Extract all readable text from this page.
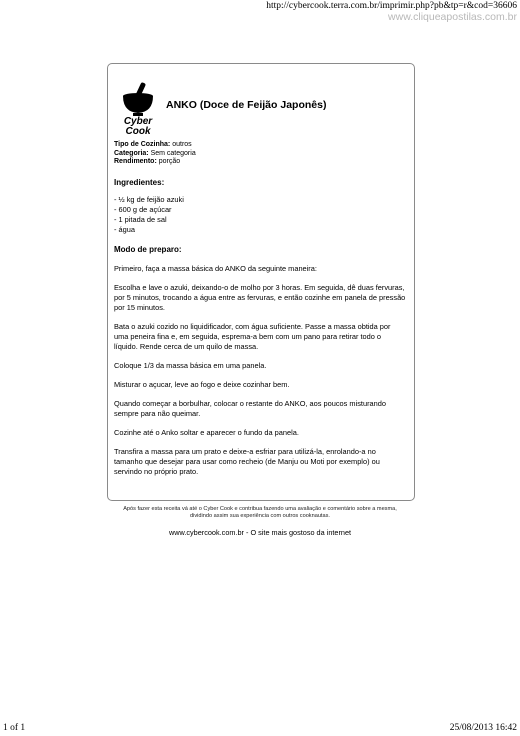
http://cybercook.terra.com.br/imprimir.php?pb&tp=r&cod=36606
www.cliqueapostilas.com.br
Cyber
Cook
ANKO (Doce de Feijão Japonês)
Tipo de Cozinha: outros
Categoria: Sem categoria
Rendimento: porção
Ingredientes:
- ½ kg de feijão azuki
- 600 g de açúcar
- 1 pitada de sal
- água
Modo de preparo:

Primeiro, faça a massa básica do ANKO da seguinte maneira:

Escolha e lave o azuki, deixando-o de molho por 3 horas. Em seguida, dê duas fervuras, por 5 minutos, trocando a água entre as fervuras, e então cozinhe em panela de pressão por 15 minutos.

Bata o azuki cozido no liquidificador, com água suficiente. Passe a massa obtida por uma peneira fina e, em seguida, esprema-a bem com um pano para retirar todo o líquido. Rende cerca de um quilo de massa.

Coloque 1/3 da massa básica em uma panela.

Misturar o açucar, leve ao fogo e deixe cozinhar bem.

Quando começar a borbulhar, colocar o restante do ANKO, aos poucos misturando sempre para não queimar.

Cozinhe até o Anko soltar e aparecer o fundo da panela.

Transfira a massa para um prato e deixe-a esfriar para utilizá-la, enrolando-a no tamanho que desejar para usar como recheio (de Manju ou Moti por exemplo) ou servindo no próprio prato.

Após fazer esta receita vá até o Cyber Cook e contribua fazendo uma avaliação e comentário sobre a mesma,
dividindo assim sua experiência com outros cooknautas.
www.cybercook.com.br - O site mais gostoso da internet
1 of 1	25/08/2013 16:42
